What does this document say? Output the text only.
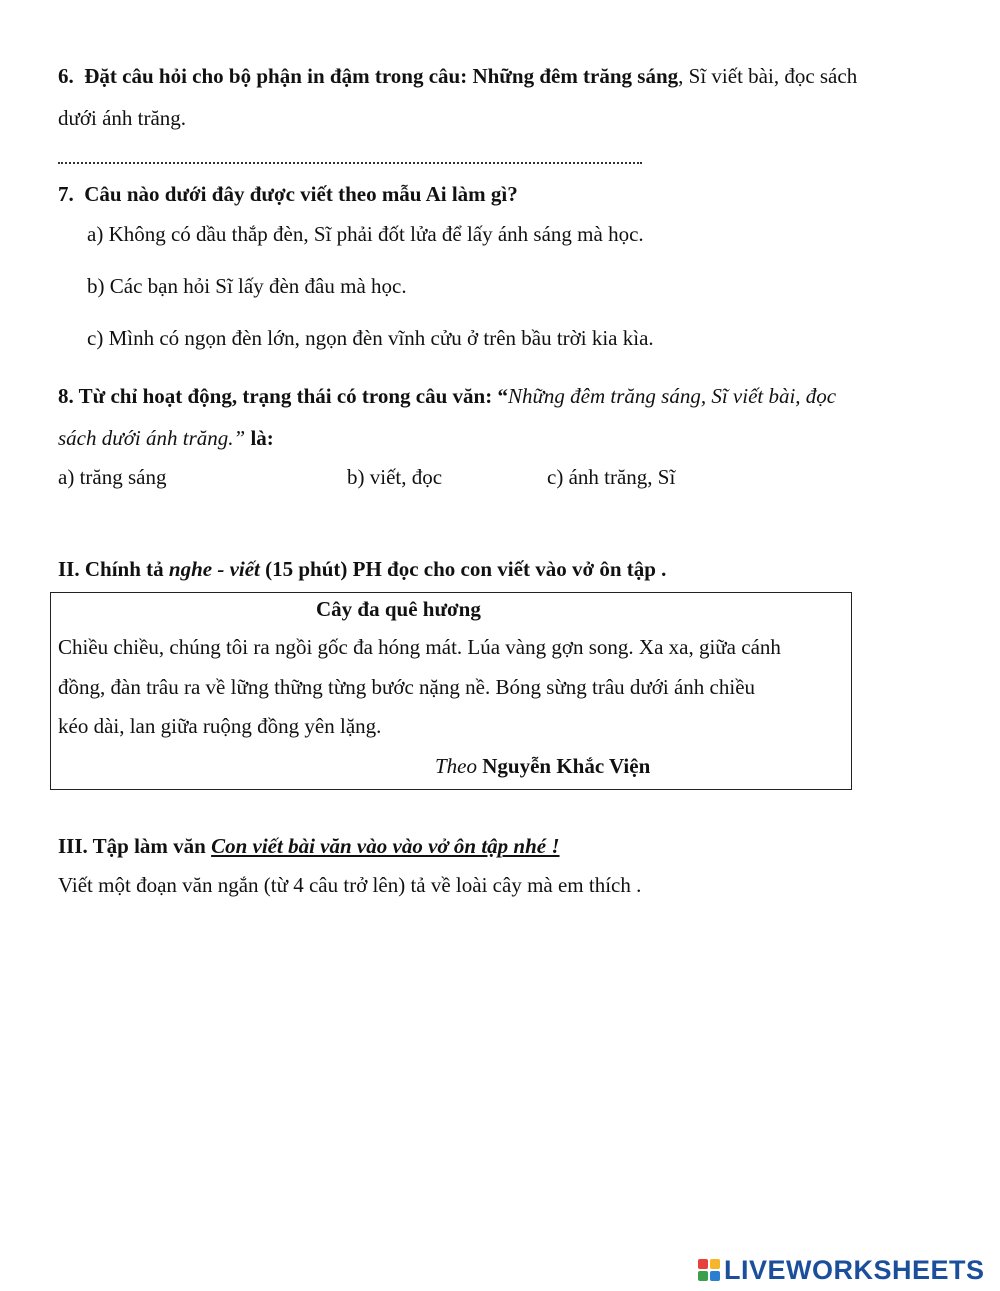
6. Đặt câu hỏi cho bộ phận in đậm trong câu: Những đêm trăng sáng, Sĩ viết bài, đọc sách
dưới ánh trăng.
7. Câu nào dưới đây được viết theo mẫu Ai làm gì?
a) Không có dầu thắp đèn, Sĩ phải đốt lửa để lấy ánh sáng mà học.
b) Các bạn hỏi Sĩ lấy đèn đâu mà học.
c) Mình có ngọn đèn lớn, ngọn đèn vĩnh cửu ở trên bầu trời kia kìa.
8. Từ chỉ hoạt động, trạng thái có trong câu văn: “Những đêm trăng sáng, Sĩ viết bài, đọc
sách dưới ánh trăng.” là:
a) trăng sáng	b) viết, đọc	c) ánh trăng, Sĩ
II. Chính tả nghe - viết (15 phút) PH đọc cho con viết vào vở ôn tập .
Cây đa quê hương
Chiều chiều, chúng tôi ra ngồi gốc đa hóng mát. Lúa vàng gợn song. Xa xa, giữa cánh
đồng, đàn trâu ra về lững thững từng bước nặng nề. Bóng sừng trâu dưới ánh chiều
kéo dài, lan giữa ruộng đồng yên lặng.
Theo Nguyễn Khắc Viện
III. Tập làm văn Con viết bài văn vào vào vở ôn tập nhé !
Viết một đoạn văn ngắn (từ 4 câu trở lên) tả về loài cây mà em thích .
LIVEWORKSHEETS
